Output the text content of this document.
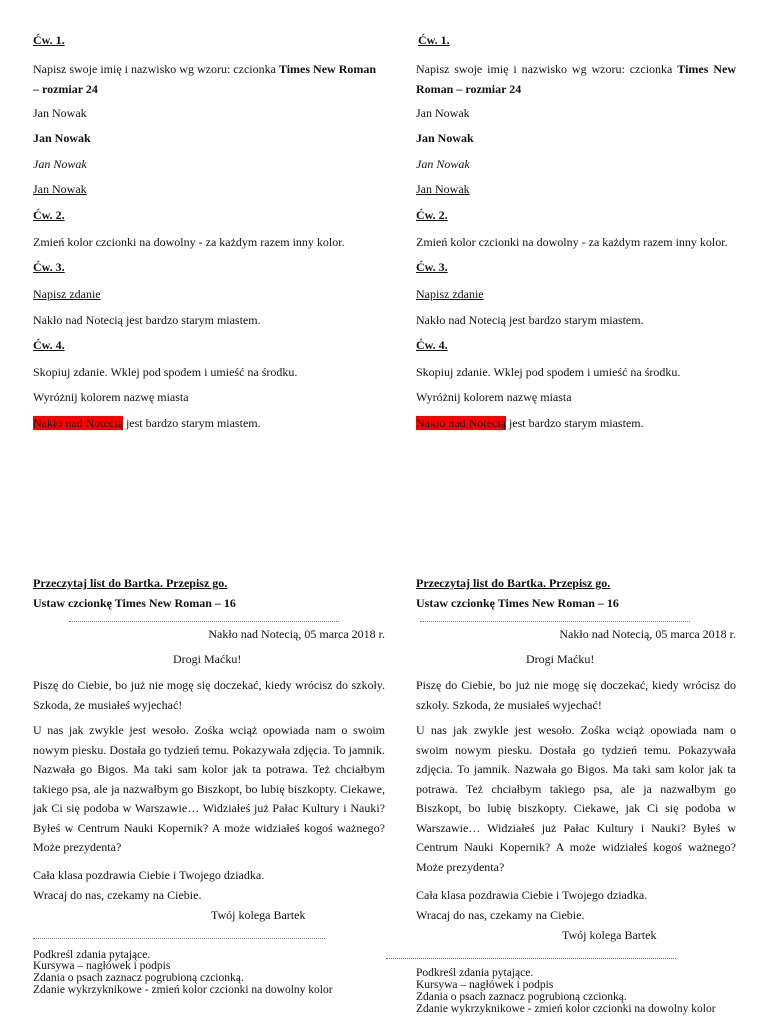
Ćw. 1.
Napisz swoje imię i nazwisko wg wzoru: czcionka Times New Roman – rozmiar 24
Jan Nowak
Jan Nowak
Jan Nowak
Jan Nowak
Ćw. 2.
Zmień kolor czcionki na dowolny - za każdym razem inny kolor.
Ćw. 3.
Napisz zdanie
Nakło nad Notecią jest bardzo starym miastem.
Ćw. 4.
Skopiuj zdanie. Wklej pod spodem i umieść na środku.
Wyróżnij kolorem nazwę miasta
Nakło nad Notecią jest bardzo starym miastem.
Przeczytaj list do Bartka. Przepisz go.
Ustaw czcionkę Times New Roman – 16
Nakło nad Notecią, 05 marca 2018 r.
Drogi Maćku!
Piszę do Ciebie, bo już nie mogę się doczekać, kiedy wrócisz do szkoły. Szkoda, że musiałeś wyjechać!
U nas jak zwykle jest wesoło. Zośka wciąż opowiada nam o swoim nowym piesku. Dostała go tydzień temu. Pokazywała zdjęcia. To jamnik. Nazwała go Bigos. Ma taki sam kolor jak ta potrawa. Też chciałbym takiego psa, ale ja nazwałbym go Biszkopt, bo lubię biszkopty. Ciekawe, jak Ci się podoba w Warszawie… Widziałeś już Pałac Kultury i Nauki? Byłeś w Centrum Nauki Kopernik? A może widziałeś kogoś ważnego? Może prezydenta?
Cała klasa pozdrawia Ciebie i Twojego dziadka.
Wracaj do nas, czekamy na Ciebie.
Twój kolega Bartek
Podkreśl zdania pytające.
Kursywa – nagłówek i podpis
Zdania o psach zaznacz pogrubioną czcionką.
Zdanie wykrzyknikowe - zmień kolor czcionki na dowolny kolor
Ćw. 1.
Napisz swoje imię i nazwisko wg wzoru: czcionka Times New Roman – rozmiar 24
Jan Nowak
Jan Nowak
Jan Nowak
Jan Nowak
Ćw. 2.
Zmień kolor czcionki na dowolny - za każdym razem inny kolor.
Ćw. 3.
Napisz zdanie
Nakło nad Notecią jest bardzo starym miastem.
Ćw. 4.
Skopiuj zdanie. Wklej pod spodem i umieść na środku.
Wyróżnij kolorem nazwę miasta
Nakło nad Notecią jest bardzo starym miastem.
Przeczytaj list do Bartka. Przepisz go.
Ustaw czcionkę Times New Roman – 16
Nakło nad Notecią, 05 marca 2018 r.
Drogi Maćku!
Piszę do Ciebie, bo już nie mogę się doczekać, kiedy wrócisz do szkoły. Szkoda, że musiałeś wyjechać!
U nas jak zwykle jest wesoło. Zośka wciąż opowiada nam o swoim nowym piesku. Dostała go tydzień temu. Pokazywała zdjęcia. To jamnik. Nazwała go Bigos. Ma taki sam kolor jak ta potrawa. Też chciałbym takiego psa, ale ja nazwałbym go Biszkopt, bo lubię biszkopty. Ciekawe, jak Ci się podoba w Warszawie… Widziałeś już Pałac Kultury i Nauki? Byłeś w Centrum Nauki Kopernik? A może widziałeś kogoś ważnego? Może prezydenta?
Cała klasa pozdrawia Ciebie i Twojego dziadka.
Wracaj do nas, czekamy na Ciebie.
Twój kolega Bartek
Podkreśl zdania pytające.
Kursywa – nagłówek i podpis
Zdania o psach zaznacz pogrubioną czcionką.
Zdanie wykrzyknikowe - zmień kolor czcionki na dowolny kolor
